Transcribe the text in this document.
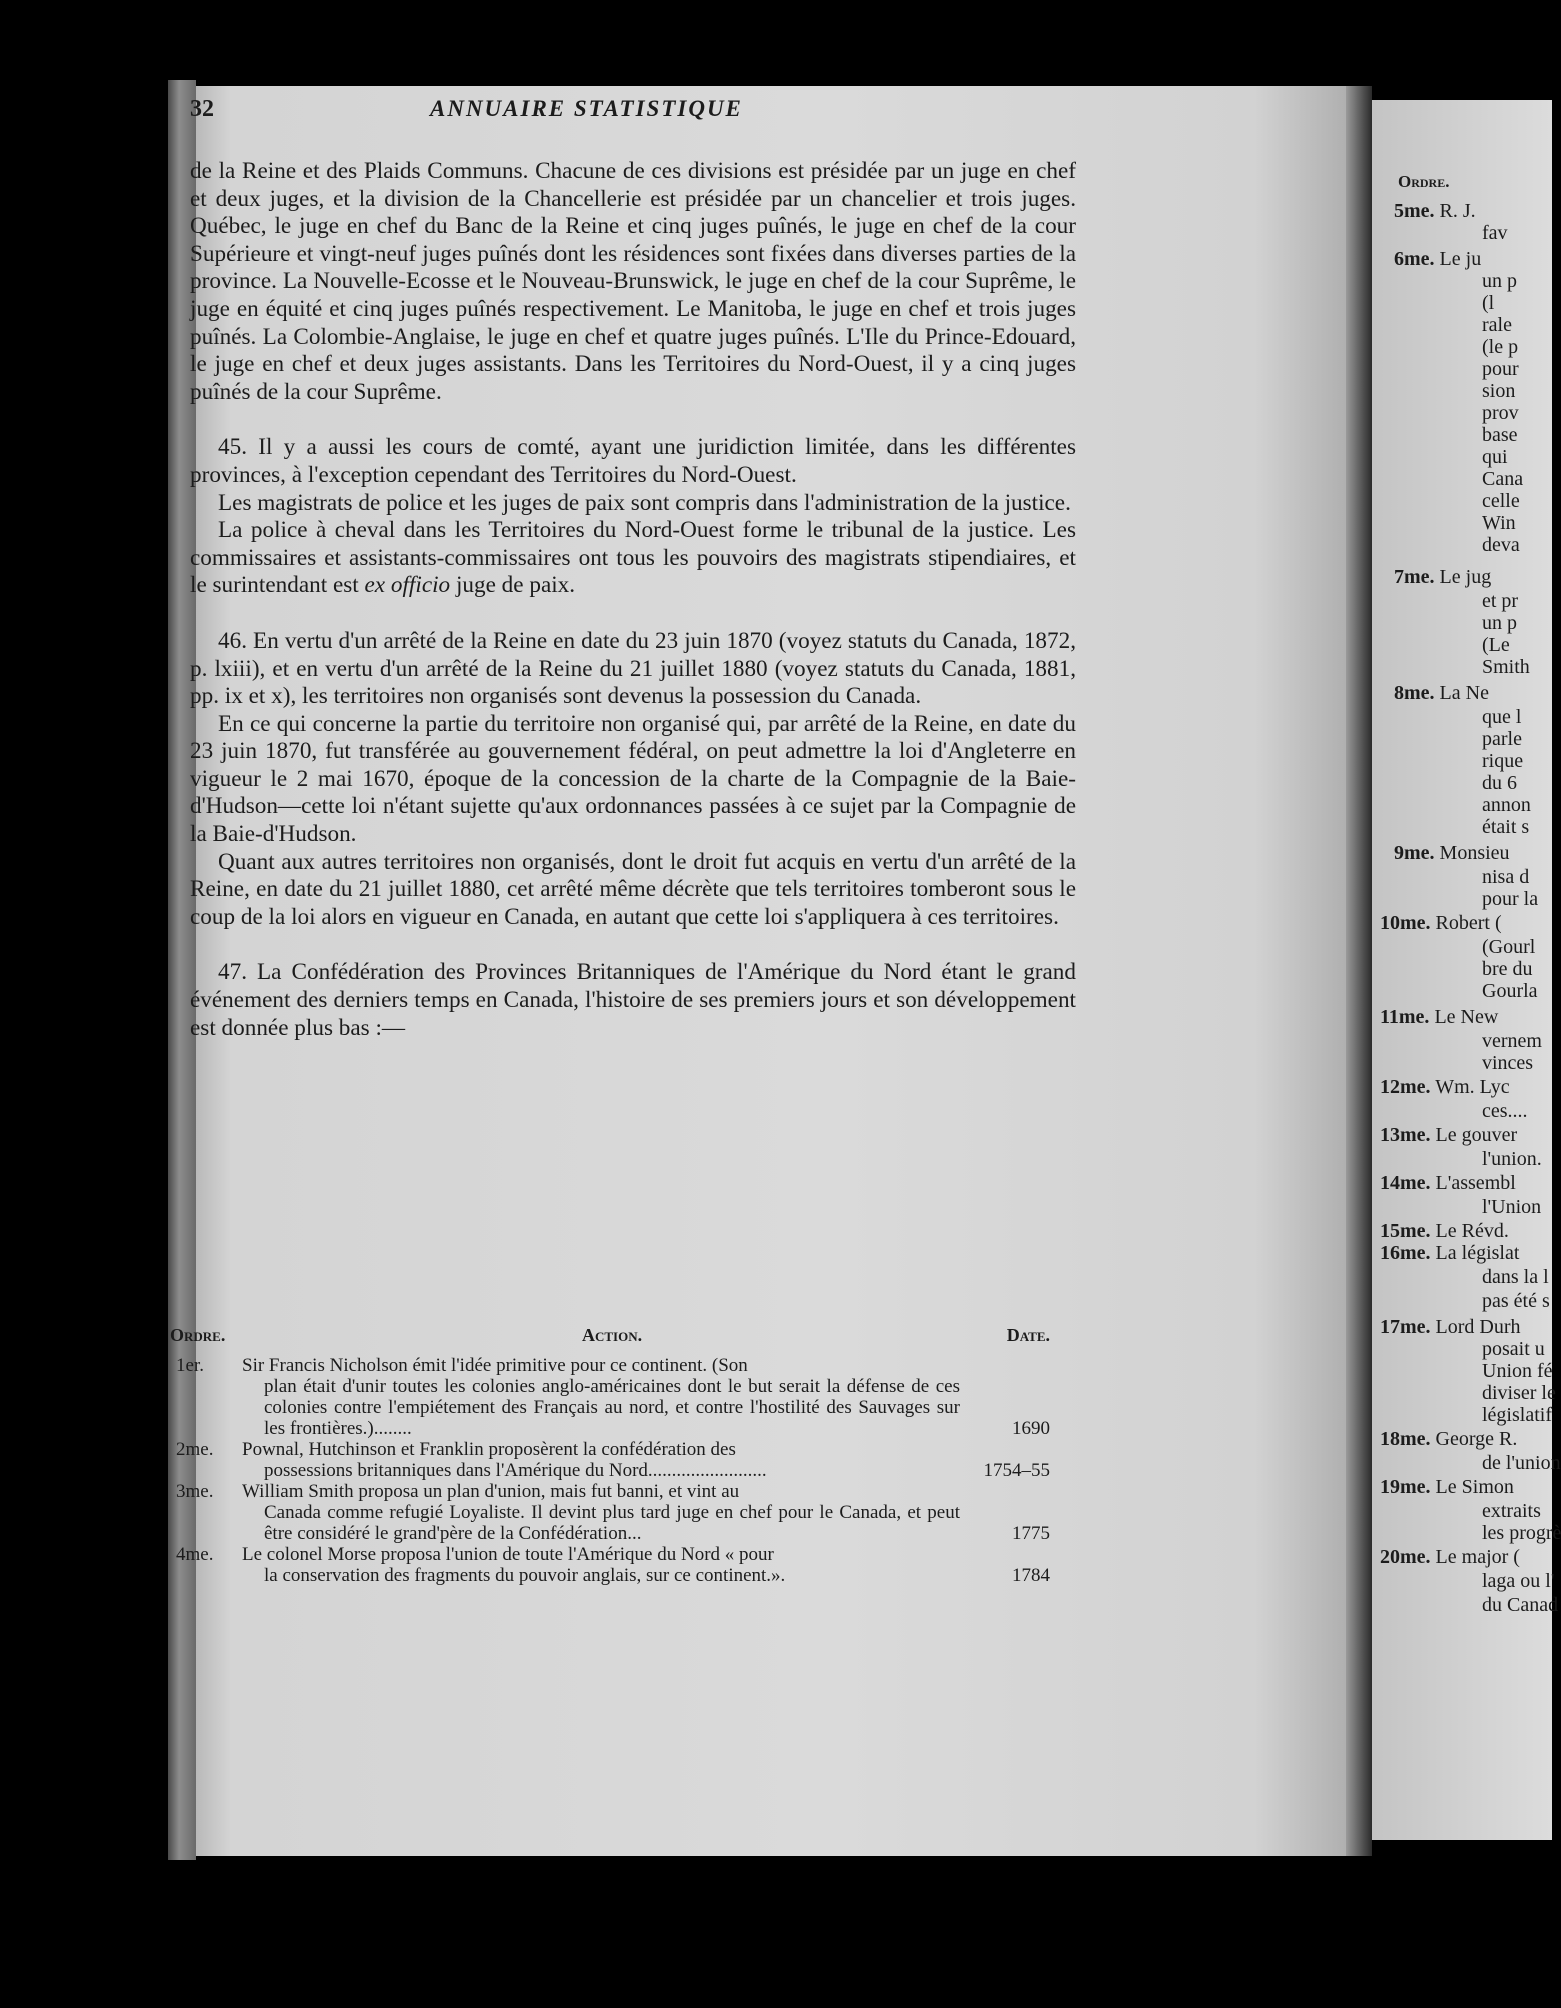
Ordre.
5me. R. J.
fav
6me. Le ju
un p
(l
rale
(le p
pour
sion
prov
base
qui
Cana
celle
Win
deva
7me. Le jug
et pr
un p
(Le
Smith
8me. La Ne
que l
parle
rique
du 6
annon
était s
9me. Monsieu
nisa d
pour la
10me. Robert (
(Gourl
bre du
Gourla
11me. Le New
vernem
vinces
12me. Wm. Lyc
ces....
13me. Le gouver
l'union.
14me. L'assembl
l'Union
15me. Le Révd.
16me. La législat
dans la l
pas été s
17me. Lord Durh
posait u
Union fé
diviser le
législatif
18me. George R.
de l'union
19me. Le Simon
extraits
les progrè
20me. Le major (
laga ou l'
du Canad
32	ANNUAIRE STATISTIQUE

de la Reine et des Plaids Communs. Chacune de ces divisions est présidée par un juge en chef et deux juges, et la division de la Chancellerie est présidée par un chancelier et trois juges. Québec, le juge en chef du Banc de la Reine et cinq juges puînés, le juge en chef de la cour Supérieure et vingt-neuf juges puînés dont les résidences sont fixées dans diverses parties de la province. La Nouvelle-Ecosse et le Nouveau-Brunswick, le juge en chef de la cour Suprême, le juge en équité et cinq juges puînés respectivement. Le Manitoba, le juge en chef et trois juges puînés. La Colombie-Anglaise, le juge en chef et quatre juges puînés. L'Ile du Prince-Edouard, le juge en chef et deux juges assistants. Dans les Territoires du Nord-Ouest, il y a cinq juges puînés de la cour Suprême.

45. Il y a aussi les cours de comté, ayant une juridiction limitée, dans les différentes provinces, à l'exception cependant des Territoires du Nord-Ouest.

Les magistrats de police et les juges de paix sont compris dans l'administration de la justice.

La police à cheval dans les Territoires du Nord-Ouest forme le tribunal de la justice. Les commissaires et assistants-commissaires ont tous les pouvoirs des magistrats stipendiaires, et le surintendant est ex officio juge de paix.

46. En vertu d'un arrêté de la Reine en date du 23 juin 1870 (voyez statuts du Canada, 1872, p. lxiii), et en vertu d'un arrêté de la Reine du 21 juillet 1880 (voyez statuts du Canada, 1881, pp. ix et x), les territoires non organisés sont devenus la possession du Canada.

En ce qui concerne la partie du territoire non organisé qui, par arrêté de la Reine, en date du 23 juin 1870, fut transférée au gouvernement fédéral, on peut admettre la loi d'Angleterre en vigueur le 2 mai 1670, époque de la concession de la charte de la Compagnie de la Baie-d'Hudson—cette loi n'étant sujette qu'aux ordonnances passées à ce sujet par la Compagnie de la Baie-d'Hudson.

Quant aux autres territoires non organisés, dont le droit fut acquis en vertu d'un arrêté de la Reine, en date du 21 juillet 1880, cet arrêté même décrète que tels territoires tomberont sous le coup de la loi alors en vigueur en Canada, en autant que cette loi s'appliquera à ces territoires.

47. La Confédération des Provinces Britanniques de l'Amérique du Nord étant le grand événement des derniers temps en Canada, l'histoire de ses premiers jours et son développement est donnée plus bas :—

Ordre.	Action.	Date.
1er.	Sir Francis Nicholson émit l'idée primitive pour ce continent. (Son
plan était d'unir toutes les colonies anglo-américaines dont le but serait la défense de ces colonies contre l'empiétement des Français au nord, et contre l'hostilité des Sauvages sur les frontières.)........	1690
2me.	Pownal, Hutchinson et Franklin proposèrent la confédération des
possessions britanniques dans l'Amérique du Nord.........................	1754–55
3me.	William Smith proposa un plan d'union, mais fut banni, et vint au
Canada comme refugié Loyaliste. Il devint plus tard juge en chef pour le Canada, et peut être considéré le grand'père de la Confédération...	1775
4me.	Le colonel Morse proposa l'union de toute l'Amérique du Nord « pour
la conservation des fragments du pouvoir anglais, sur ce continent.».	1784
